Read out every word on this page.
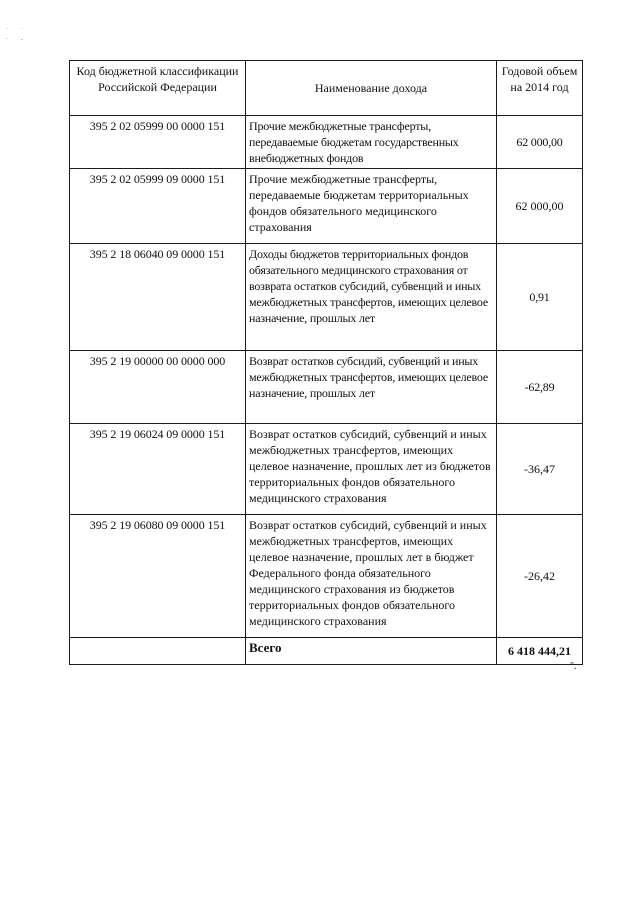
·  ·
·  -
Код бюджетной классификации Российской Федерации	Наименование дохода	Годовой объем на 2014 год
395 2 02 05999 00 0000 151	Прочие межбюджетные трансферты, передаваемые бюджетам государственных внебюджетных фондов	62 000,00
395 2 02 05999 09 0000 151	Прочие межбюджетные трансферты, передаваемые бюджетам территориальных фондов обязательного медицинского страхования	62 000,00
395 2 18 06040 09 0000 151	Доходы бюджетов территориальных фондов обязательного медицинского страхования от возврата остатков субсидий, субвенций и иных межбюджетных трансфертов, имеющих целевое назначение, прошлых лет	0,91
395 2 19 00000 00 0000 000	Возврат остатков субсидий, субвенций и иных межбюджетных трансфертов, имеющих целевое назначение, прошлых лет	-62,89
395 2 19 06024 09 0000 151	Возврат остатков субсидий, субвенций и иных межбюджетных трансфертов, имеющих целевое назначение, прошлых лет из бюджетов территориальных фондов обязательного медицинского страхования	-36,47
395 2 19 06080 09 0000 151	Возврат остатков субсидий, субвенций и иных межбюджетных трансфертов, имеющих целевое назначение, прошлых лет в бюджет Федерального фонда обязательного медицинского страхования из бюджетов территориальных фондов обязательного медицинского страхования	-26,42
	Всего	6 418 444,21
".
